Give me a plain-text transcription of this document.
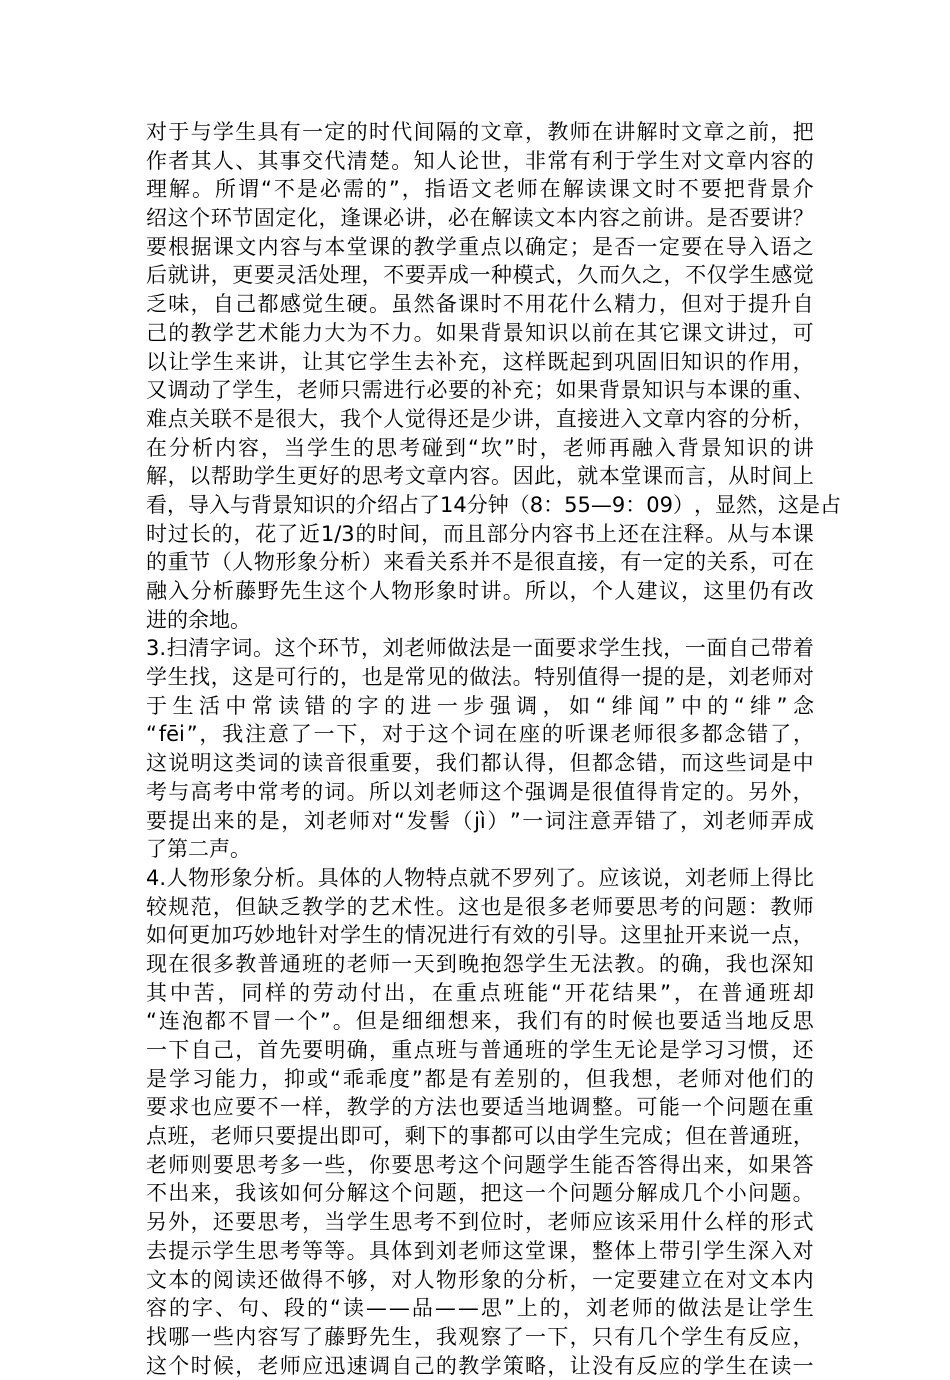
对 于 与 学 生 具 有 一 定 的 时 代 间 隔 的 文 章 ， 教 师 在 讲 解 时 文 章 之 前 ， 把
作 者 其 人 、 其 事 交 代 清 楚 。 知 人 论 世 ， 非 常 有 利 于 学 生 对 文 章 内 容 的
理 解 。 所 谓 “ 不 是 必 需 的 ” ， 指 语 文 老 师 在 解 读 课 文 时 不 要 把 背 景 介
绍 这 个 环 节 固 定 化 ， 逢 课 必 讲 ， 必 在 解 读 文 本 内 容 之 前 讲 。 是 否 要 讲 ？
要 根 据 课 文 内 容 与 本 堂 课 的 教 学 重 点 以 确 定 ； 是 否 一 定 要 在 导 入 语 之
后 就 讲 ， 更 要 灵 活 处 理 ， 不 要 弄 成 一 种 模 式 ， 久 而 久 之 ， 不 仅 学 生 感 觉
乏 味 ， 自 己 都 感 觉 生 硬 。 虽 然 备 课 时 不 用 花 什 么 精 力 ， 但 对 于 提 升 自
己 的 教 学 艺 术 能 力 大 为 不 力 。 如 果 背 景 知 识 以 前 在 其 它 课 文 讲 过 ， 可
以 让 学 生 来 讲 ， 让 其 它 学 生 去 补 充 ， 这 样 既 起 到 巩 固 旧 知 识 的 作 用 ，
又 调 动 了 学 生 ， 老 师 只 需 进 行 必 要 的 补 充 ； 如 果 背 景 知 识 与 本 课 的 重 、
难 点 关 联 不 是 很 大 ， 我 个 人 觉 得 还 是 少 讲 ， 直 接 进 入 文 章 内 容 的 分 析 ，
在 分 析 内 容 ， 当 学 生 的 思 考 碰 到 “ 坎 ” 时 ， 老 师 再 融 入 背 景 知 识 的 讲
解 ， 以 帮 助 学 生 更 好 的 思 考 文 章 内 容 。 因 此 ， 就 本 堂 课 而 言 ， 从 时 间 上
看 ， 导 入 与 背 景 知 识 的 介 绍 占 了 14 分 钟 （ 8 ： 55 — 9 ： 09 ） ， 显 然 ， 这 是 占
时 过 长 的 ， 花 了 近 1/3 的 时 间 ， 而 且 部 分 内 容 书 上 还 在 注 释 。 从 与 本 课
的 重 节 （ 人 物 形 象 分 析 ） 来 看 关 系 并 不 是 很 直 接 ， 有 一 定 的 关 系 ， 可 在
融 入 分 析 藤 野 先 生 这 个 人 物 形 象 时 讲 。 所 以 ， 个 人 建 议 ， 这 里 仍 有 改
进的余地。
3. 扫 清 字 词 。 这 个 环 节 ， 刘 老 师 做 法 是 一 面 要 求 学 生 找 ， 一 面 自 己 带 着
学 生 找 ， 这 是 可 行 的 ， 也 是 常 见 的 做 法 。 特 别 值 得 一 提 的 是 ， 刘 老 师 对
于 生 活 中 常 读 错 的 字 的 进 一 步 强 调 ， 如 “ 绯 闻 ” 中 的 “ 绯 ” 念
“ fēi ” ， 我 注 意 了 一 下 ， 对 于 这 个 词 在 座 的 听 课 老 师 很 多 都 念 错 了 ，
这 说 明 这 类 词 的 读 音 很 重 要 ， 我 们 都 认 得 ， 但 都 念 错 ， 而 这 些 词 是 中
考 与 高 考 中 常 考 的 词 。 所 以 刘 老 师 这 个 强 调 是 很 值 得 肯 定 的 。 另 外 ，
要 提 出 来 的 是 ， 刘 老 师 对 “ 发 髻 （ jì ） ” 一 词 注 意 弄 错 了 ， 刘 老 师 弄 成
了第二声。
4. 人 物 形 象 分 析 。 具 体 的 人 物 特 点 就 不 罗 列 了 。 应 该 说 ， 刘 老 师 上 得 比
较 规 范 ， 但 缺 乏 教 学 的 艺 术 性 。 这 也 是 很 多 老 师 要 思 考 的 问 题 ： 教 师
如 何 更 加 巧 妙 地 针 对 学 生 的 情 况 进 行 有 效 的 引 导 。 这 里 扯 开 来 说 一 点 ，
现 在 很 多 教 普 通 班 的 老 师 一 天 到 晚 抱 怨 学 生 无 法 教 。 的 确 ， 我 也 深 知
其 中 苦 ， 同 样 的 劳 动 付 出 ， 在 重 点 班 能 “ 开 花 结 果 ” ， 在 普 通 班 却
“ 连 泡 都 不 冒 一 个 ” 。 但 是 细 细 想 来 ， 我 们 有 的 时 候 也 要 适 当 地 反 思
一 下 自 己 ， 首 先 要 明 确 ， 重 点 班 与 普 通 班 的 学 生 无 论 是 学 习 习 惯 ， 还
是 学 习 能 力 ， 抑 或 “ 乖 乖 度 ” 都 是 有 差 别 的 ， 但 我 想 ， 老 师 对 他 们 的
要 求 也 应 要 不 一 样 ， 教 学 的 方 法 也 要 适 当 地 调 整 。 可 能 一 个 问 题 在 重
点 班 ， 老 师 只 要 提 出 即 可 ， 剩 下 的 事 都 可 以 由 学 生 完 成 ； 但 在 普 通 班 ，
老 师 则 要 思 考 多 一 些 ， 你 要 思 考 这 个 问 题 学 生 能 否 答 得 出 来 ， 如 果 答
不 出 来 ， 我 该 如 何 分 解 这 个 问 题 ， 把 这 一 个 问 题 分 解 成 几 个 小 问 题 。
另 外 ， 还 要 思 考 ， 当 学 生 思 考 不 到 位 时 ， 老 师 应 该 采 用 什 么 样 的 形 式
去 提 示 学 生 思 考 等 等 。 具 体 到 刘 老 师 这 堂 课 ， 整 体 上 带 引 学 生 深 入 对
文 本 的 阅 读 还 做 得 不 够 ， 对 人 物 形 象 的 分 析 ， 一 定 要 建 立 在 对 文 本 内
容 的 字 、 句 、 段 的 “ 读 — — 品 — — 思 ” 上 的 ， 刘 老 师 的 做 法 是 让 学 生
找 哪 一 些 内 容 写 了 藤 野 先 生 ， 我 观 察 了 一 下 ， 只 有 几 个 学 生 有 反 应 ，
这 个 时 候 ， 老 师 应 迅 速 调 自 己 的 教 学 策 略 ， 让 没 有 反 应 的 学 生 在 读 一
